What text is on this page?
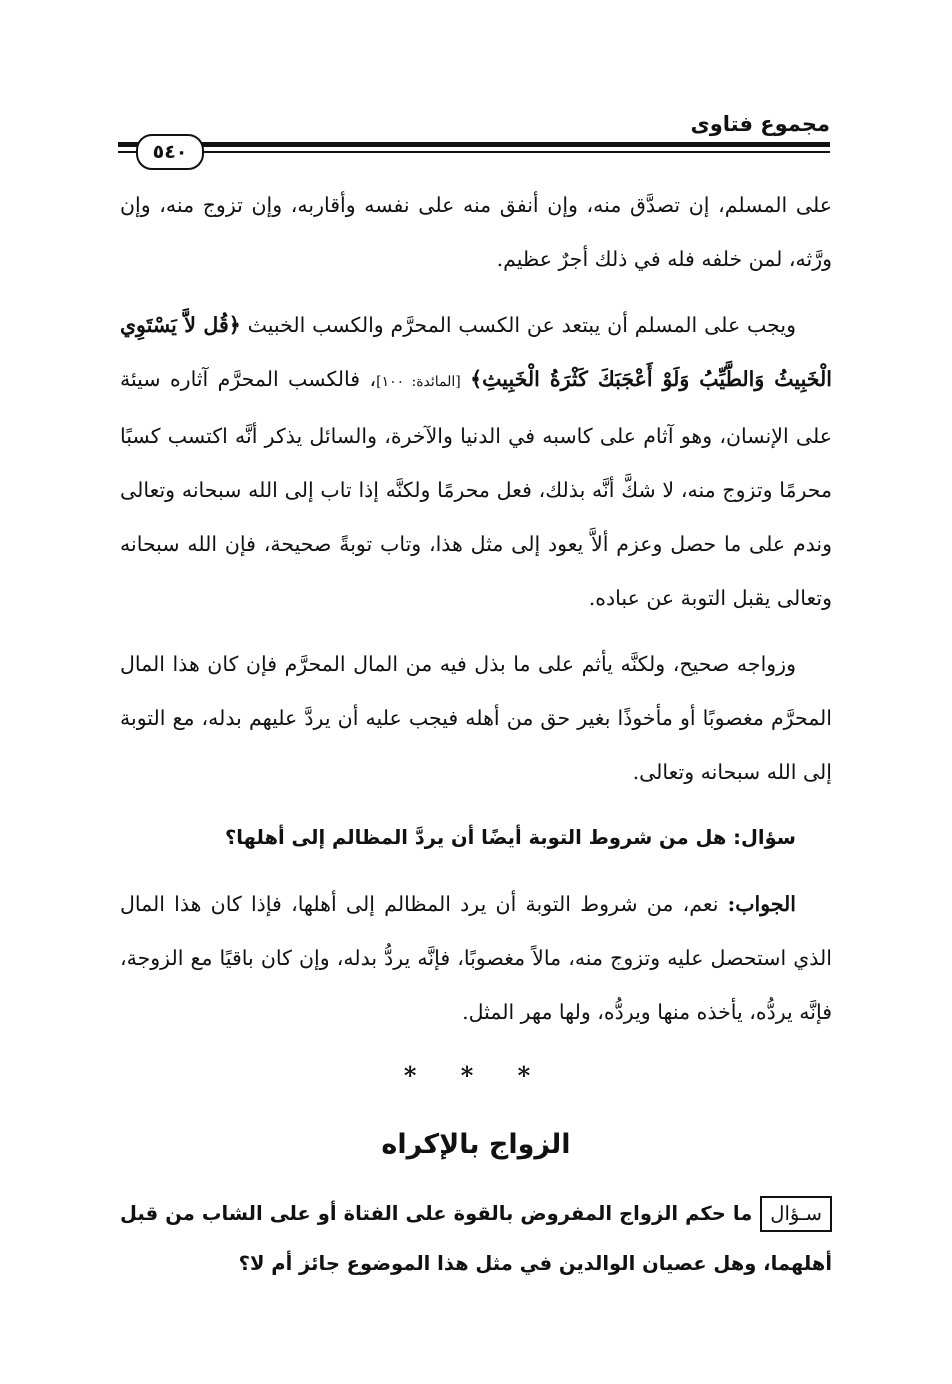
مجموع فتاوى
٥٤٠

على المسلم، إن تصدَّق منه، وإن أنفق منه على نفسه وأقاربه، وإن تزوج منه، وإن ورَّثه، لمن خلفه فله في ذلك أجرٌ عظيم.

ويجب على المسلم أن يبتعد عن الكسب المحرَّم والكسب الخبيث ﴿قُل لاَّ يَسْتَوِي الْخَبِيثُ وَالطَّيِّبُ وَلَوْ أَعْجَبَكَ كَثْرَةُ الْخَبِيثِ﴾ [المائدة: ١٠٠]، فالكسب المحرَّم آثاره سيئة على الإنسان، وهو آثام على كاسبه في الدنيا والآخرة، والسائل يذكر أنَّه اكتسب كسبًا محرمًا وتزوج منه، لا شكَّ أنَّه بذلك، فعل محرمًا ولكنَّه إذا تاب إلى الله سبحانه وتعالى وندم على ما حصل وعزم ألاَّ يعود إلى مثل هذا، وتاب توبةً صحيحة، فإن الله سبحانه وتعالى يقبل التوبة عن عباده.

وزواجه صحيح، ولكنَّه يأثم على ما بذل فيه من المال المحرَّم فإن كان هذا المال المحرَّم مغصوبًا أو مأخوذًا بغير حق من أهله فيجب عليه أن يردَّ عليهم بدله، مع التوبة إلى الله سبحانه وتعالى.

سؤال: هل من شروط التوبة أيضًا أن يردَّ المظالم إلى أهلها؟

الجواب: نعم، من شروط التوبة أن يرد المظالم إلى أهلها، فإذا كان هذا المال الذي استحصل عليه وتزوج منه، مالاً مغصوبًا، فإنَّه يردُّ بدله، وإن كان باقيًا مع الزوجة، فإنَّه يردُّه، يأخذه منها ويردُّه، ولها مهر المثل.

* * *

الزواج بالإكراه

سـؤالما حكم الزواج المفروض بالقوة على الفتاة أو على الشاب من قبل أهلهما، وهل عصيان الوالدين في مثل هذا الموضوع جائز أم لا؟
